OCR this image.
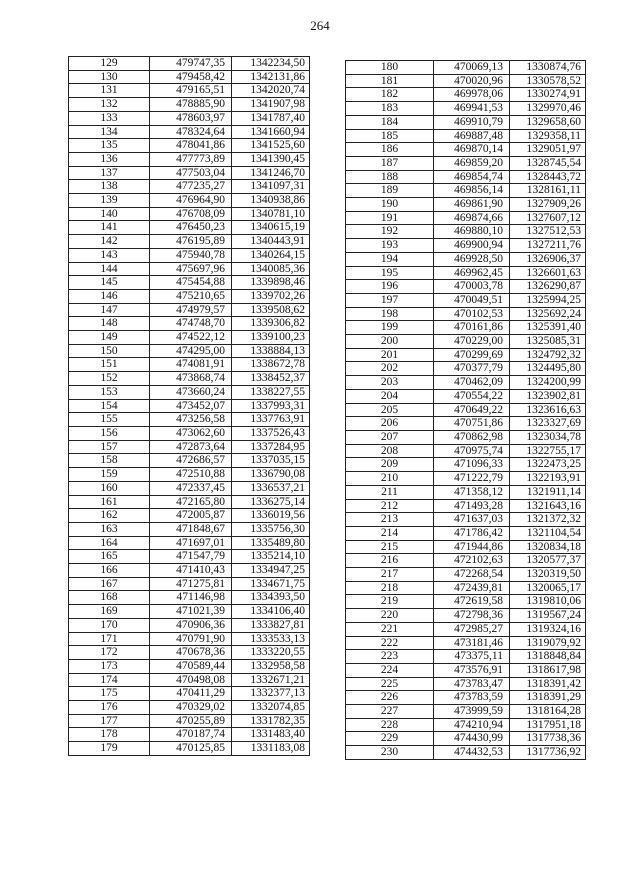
264
129	479747,35	1342234,50
130	479458,42	1342131,86
131	479165,51	1342020,74
132	478885,90	1341907,98
133	478603,97	1341787,40
134	478324,64	1341660,94
135	478041,86	1341525,60
136	477773,89	1341390,45
137	477503,04	1341246,70
138	477235,27	1341097,31
139	476964,90	1340938,86
140	476708,09	1340781,10
141	476450,23	1340615,19
142	476195,89	1340443,91
143	475940,78	1340264,15
144	475697,96	1340085,36
145	475454,88	1339898,46
146	475210,65	1339702,26
147	474979,57	1339508,62
148	474748,70	1339306,82
149	474522,12	1339100,23
150	474295,00	1338884,13
151	474081,91	1338672,78
152	473868,74	1338452,37
153	473660,24	1338227,55
154	473452,07	1337993,31
155	473256,58	1337763,91
156	473062,60	1337526,43
157	472873,64	1337284,95
158	472686,57	1337035,15
159	472510,88	1336790,08
160	472337,45	1336537,21
161	472165,80	1336275,14
162	472005,87	1336019,56
163	471848,67	1335756,30
164	471697,01	1335489,80
165	471547,79	1335214,10
166	471410,43	1334947,25
167	471275,81	1334671,75
168	471146,98	1334393,50
169	471021,39	1334106,40
170	470906,36	1333827,81
171	470791,90	1333533,13
172	470678,36	1333220,55
173	470589,44	1332958,58
174	470498,08	1332671,21
175	470411,29	1332377,13
176	470329,02	1332074,85
177	470255,89	1331782,35
178	470187,74	1331483,40
179	470125,85	1331183,08
180	470069,13	1330874,76
181	470020,96	1330578,52
182	469978,06	1330274,91
183	469941,53	1329970,46
184	469910,79	1329658,60
185	469887,48	1329358,11
186	469870,14	1329051,97
187	469859,20	1328745,54
188	469854,74	1328443,72
189	469856,14	1328161,11
190	469861,90	1327909,26
191	469874,66	1327607,12
192	469880,10	1327512,53
193	469900,94	1327211,76
194	469928,50	1326906,37
195	469962,45	1326601,63
196	470003,78	1326290,87
197	470049,51	1325994,25
198	470102,53	1325692,24
199	470161,86	1325391,40
200	470229,00	1325085,31
201	470299,69	1324792,32
202	470377,79	1324495,80
203	470462,09	1324200,99
204	470554,22	1323902,81
205	470649,22	1323616,63
206	470751,86	1323327,69
207	470862,98	1323034,78
208	470975,74	1322755,17
209	471096,33	1322473,25
210	471222,79	1322193,91
211	471358,12	1321911,14
212	471493,28	1321643,16
213	471637,03	1321372,32
214	471786,42	1321104,54
215	471944,86	1320834,18
216	472102,63	1320577,37
217	472268,54	1320319,50
218	472439,81	1320065,17
219	472619,58	1319810,06
220	472798,36	1319567,24
221	472985,27	1319324,16
222	473181,46	1319079,92
223	473375,11	1318848,84
224	473576,91	1318617,98
225	473783,47	1318391,42
226	473783,59	1318391,29
227	473999,59	1318164,28
228	474210,94	1317951,18
229	474430,99	1317738,36
230	474432,53	1317736,92
